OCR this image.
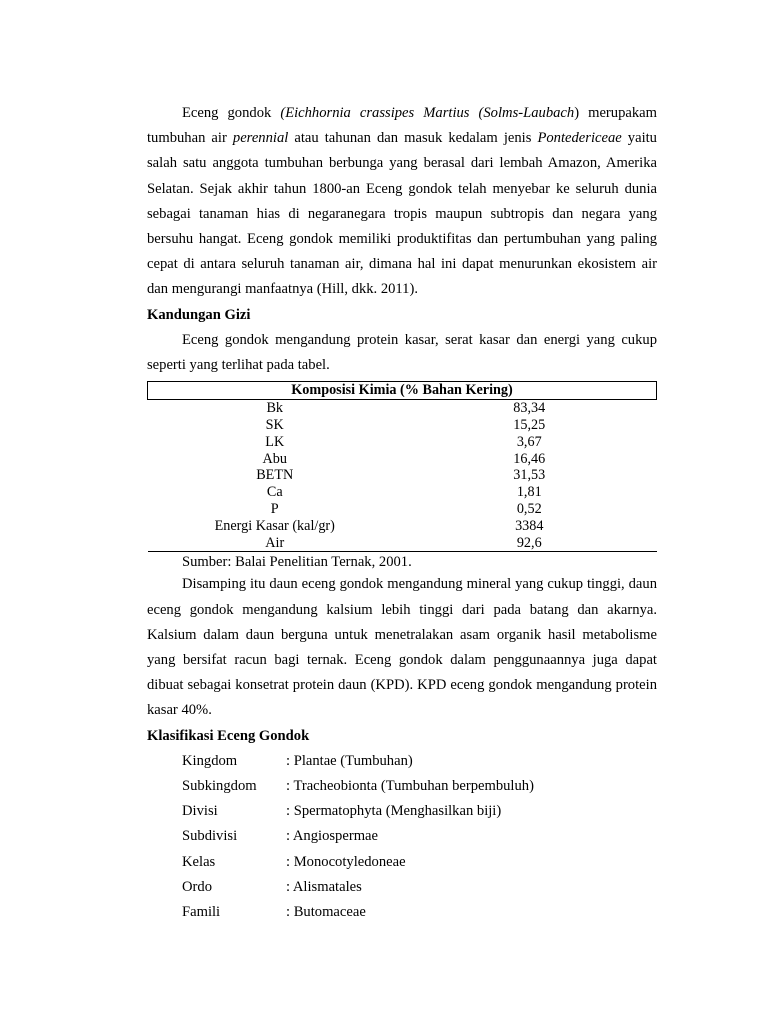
Eceng gondok (Eichhornia crassipes Martius (Solms-Laubach) merupakam tumbuhan air perennial atau tahunan dan masuk kedalam jenis Pontedericeae yaitu salah satu anggota tumbuhan berbunga yang berasal dari lembah Amazon, Amerika Selatan. Sejak akhir tahun 1800-an Eceng gondok telah menyebar ke seluruh dunia sebagai tanaman hias di negaranegara tropis maupun subtropis dan negara yang bersuhu hangat. Eceng gondok memiliki produktifitas dan pertumbuhan yang paling cepat di antara seluruh tanaman air, dimana hal ini dapat menurunkan ekosistem air dan mengurangi manfaatnya (Hill, dkk. 2011).

Kandungan Gizi

Eceng gondok mengandung protein kasar, serat kasar dan energi yang cukup seperti yang terlihat pada tabel.

Komposisi Kimia (% Bahan Kering)	
Bk	83,34
SK	15,25
LK	3,67
Abu	16,46
BETN	31,53
Ca	1,81
P	0,52
Energi Kasar (kal/gr)	3384
Air	92,6
Sumber: Balai Penelitian Ternak, 2001.

Disamping itu daun eceng gondok mengandung mineral yang cukup tinggi, daun eceng gondok mengandung kalsium lebih tinggi dari pada batang dan akarnya. Kalsium dalam daun berguna untuk menetralakan asam organik hasil metabolisme yang bersifat racun bagi ternak. Eceng gondok dalam penggunaannya juga dapat dibuat sebagai konsetrat protein daun (KPD). KPD eceng gondok mengandung protein kasar 40%.

Klasifikasi Eceng Gondok
Kingdom	: Plantae (Tumbuhan)
Subkingdom	: Tracheobionta (Tumbuhan berpembuluh)
Divisi	: Spermatophyta (Menghasilkan biji)
Subdivisi	: Angiospermae
Kelas	: Monocotyledoneae
Ordo	: Alismatales
Famili	: Butomaceae
